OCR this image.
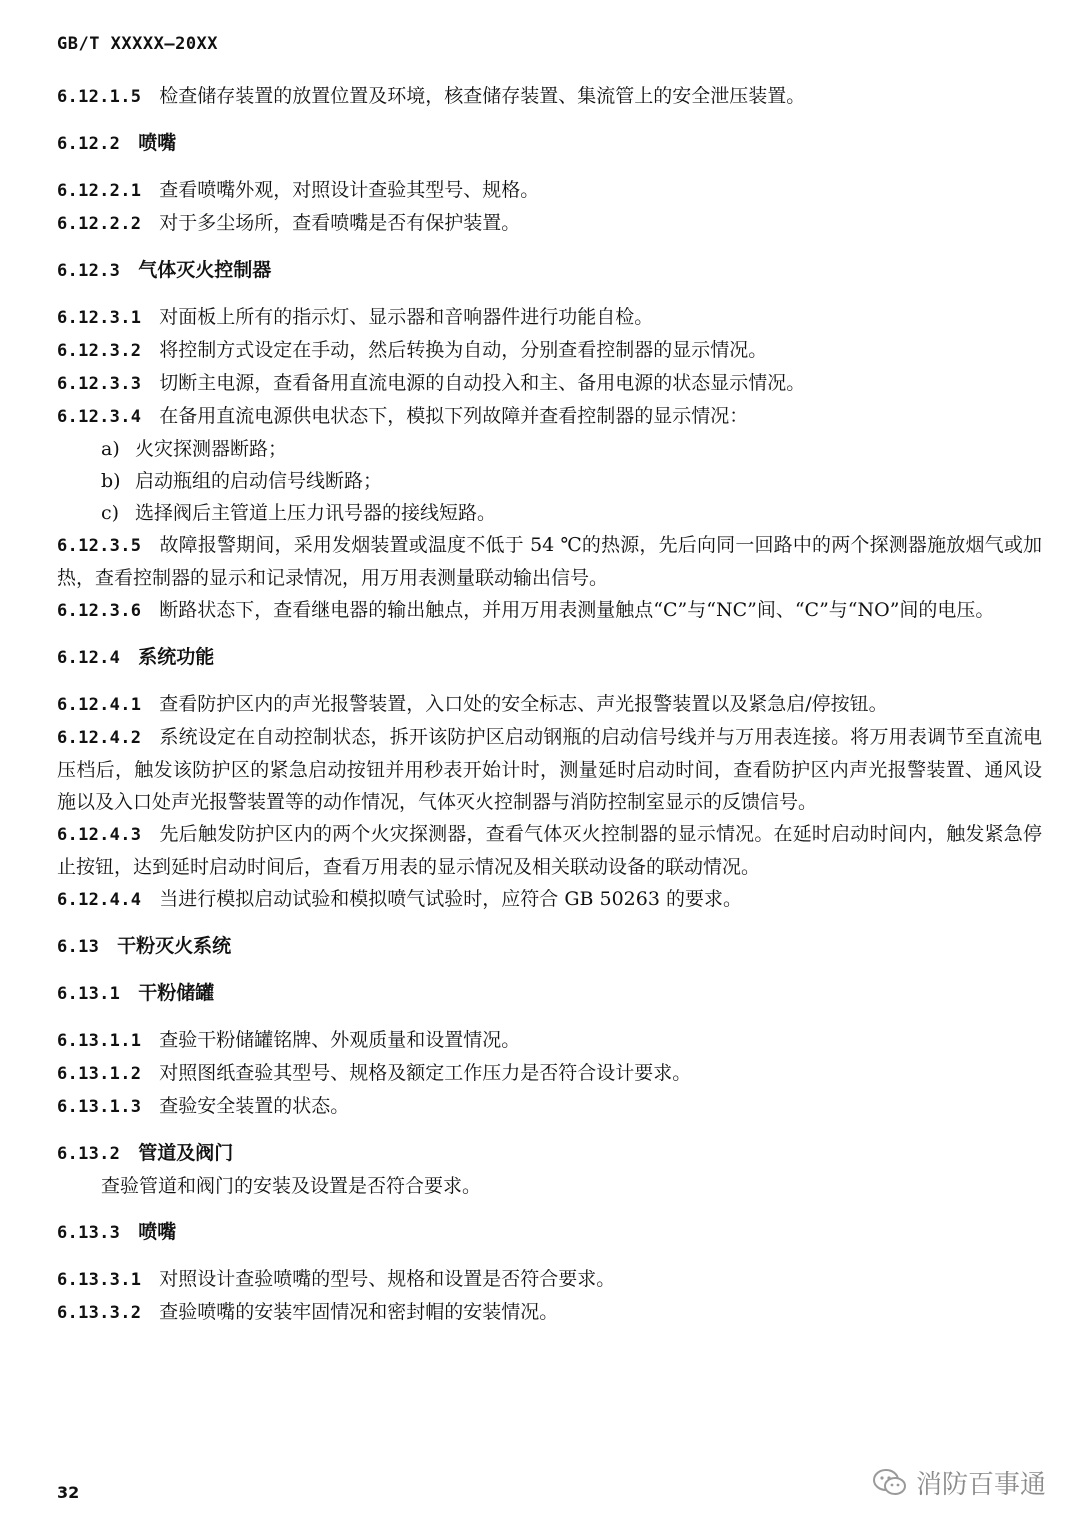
GB/T XXXXX—20XX

6.12.1.5 检查储存装置的放置位置及环境，核查储存装置、集流管上的安全泄压装置。

6.12.2 喷嘴

6.12.2.1 查看喷嘴外观，对照设计查验其型号、规格。

6.12.2.2 对于多尘场所，查看喷嘴是否有保护装置。

6.12.3 气体灭火控制器

6.12.3.1 对面板上所有的指示灯、显示器和音响器件进行功能自检。

6.12.3.2 将控制方式设定在手动，然后转换为自动，分别查看控制器的显示情况。

6.12.3.3 切断主电源，查看备用直流电源的自动投入和主、备用电源的状态显示情况。

6.12.3.4 在备用直流电源供电状态下，模拟下列故障并查看控制器的显示情况：

a) 火灾探测器断路；

b) 启动瓶组的启动信号线断路；

c) 选择阀后主管道上压力讯号器的接线短路。

6.12.3.5 故障报警期间，采用发烟装置或温度不低于 54 ℃的热源，先后向同一回路中的两个探测器施放烟气或加热，查看控制器的显示和记录情况，用万用表测量联动输出信号。

6.12.3.6 断路状态下，查看继电器的输出触点，并用万用表测量触点“C”与“NC”间、“C”与“NO”间的电压。

6.12.4 系统功能

6.12.4.1 查看防护区内的声光报警装置，入口处的安全标志、声光报警装置以及紧急启/停按钮。

6.12.4.2 系统设定在自动控制状态，拆开该防护区启动钢瓶的启动信号线并与万用表连接。将万用表调节至直流电压档后，触发该防护区的紧急启动按钮并用秒表开始计时，测量延时启动时间，查看防护区内声光报警装置、通风设施以及入口处声光报警装置等的动作情况，气体灭火控制器与消防控制室显示的反馈信号。

6.12.4.3 先后触发防护区内的两个火灾探测器，查看气体灭火控制器的显示情况。在延时启动时间内，触发紧急停止按钮，达到延时启动时间后，查看万用表的显示情况及相关联动设备的联动情况。

6.12.4.4 当进行模拟启动试验和模拟喷气试验时，应符合 GB 50263 的要求。

6.13 干粉灭火系统

6.13.1 干粉储罐

6.13.1.1 查验干粉储罐铭牌、外观质量和设置情况。

6.13.1.2 对照图纸查验其型号、规格及额定工作压力是否符合设计要求。

6.13.1.3 查验安全装置的状态。

6.13.2 管道及阀门

查验管道和阀门的安装及设置是否符合要求。

6.13.3 喷嘴

6.13.3.1 对照设计查验喷嘴的型号、规格和设置是否符合要求。

6.13.3.2 查验喷嘴的安装牢固情况和密封帽的安装情况。

32	消防百事通
